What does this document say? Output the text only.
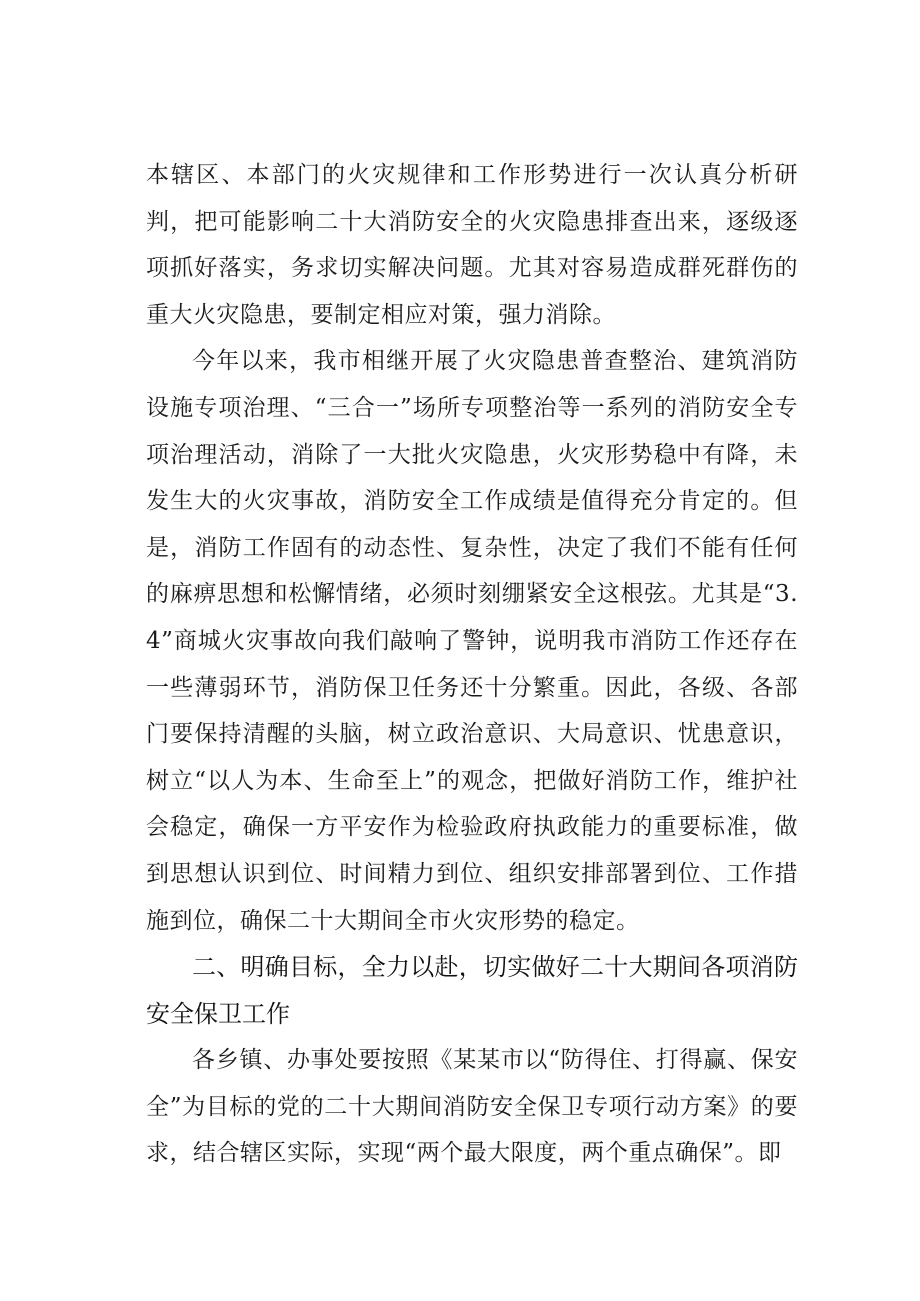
本辖区、本部门的火灾规律和工作形势进行一次认真分析研判，把可能影响二十大消防安全的火灾隐患排查出来，逐级逐项抓好落实，务求切实解决问题。尤其对容易造成群死群伤的重大火灾隐患，要制定相应对策，强力消除。

今年以来，我市相继开展了火灾隐患普查整治、建筑消防设施专项治理、“三合一”场所专项整治等一系列的消防安全专项治理活动，消除了一大批火灾隐患，火灾形势稳中有降，未发生大的火灾事故，消防安全工作成绩是值得充分肯定的。但是，消防工作固有的动态性、复杂性，决定了我们不能有任何的麻痹思想和松懈情绪，必须时刻绷紧安全这根弦。尤其是“3.4”商城火灾事故向我们敲响了警钟，说明我市消防工作还存在一些薄弱环节，消防保卫任务还十分繁重。因此，各级、各部门要保持清醒的头脑，树立政治意识、大局意识、忧患意识，树立“以人为本、生命至上”的观念，把做好消防工作，维护社会稳定，确保一方平安作为检验政府执政能力的重要标准，做到思想认识到位、时间精力到位、组织安排部署到位、工作措施到位，确保二十大期间全市火灾形势的稳定。

二、明确目标，全力以赴，切实做好二十大期间各项消防安全保卫工作

各乡镇、办事处要按照《某某市以“防得住、打得赢、保安全”为目标的党的二十大期间消防安全保卫专项行动方案》的要求，结合辖区实际，实现“两个最大限度，两个重点确保”。即
